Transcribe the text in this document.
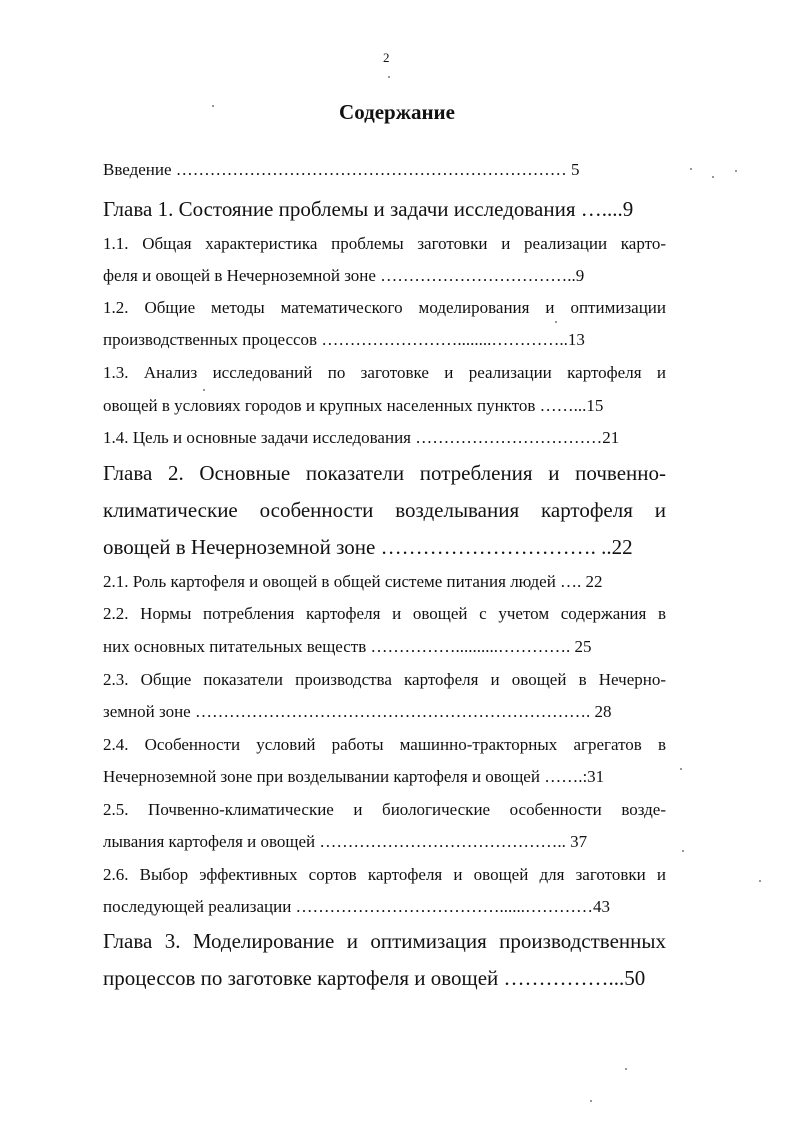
2
Содержание
Введение …………………………………………………………… 5
Глава 1. Состояние проблемы и задачи исследования …....9
1.1. Общая характеристика проблемы заготовки и реализации карто-
феля и овощей в Нечерноземной зоне ……………………………..9
1.2. Общие методы математического моделирования и оптимизации
производственных процессов ……………………........…………..13
1.3. Анализ исследований по заготовке и реализации картофеля и
овощей в условиях городов и крупных населенных пунктов ……...15
1.4. Цель и основные задачи исследования ……………………………21
Глава 2. Основные показатели потребления и почвенно-
климатические особенности возделывания картофеля и
овощей в Нечерноземной зоне …………………………. ..22
2.1. Роль картофеля и овощей в общей системе питания людей …. 22
2.2. Нормы потребления картофеля и овощей с учетом содержания в
них основных питательных веществ ……………..........…………. 25
2.3. Общие показатели производства картофеля и овощей в Нечерно-
земной зоне ……………………………………………………………. 28
2.4. Особенности условий работы машинно-тракторных агрегатов в
Нечерноземной зоне при возделывании картофеля и овощей …….:31
2.5. Почвенно-климатические и биологические особенности возде-
лывания картофеля и овощей …………………………………….. 37
2.6. Выбор эффективных сортов картофеля и овощей для заготовки и
последующей реализации ………………………………......…………43
Глава 3. Моделирование и оптимизация производственных
процессов по заготовке картофеля и овощей ……………...50
